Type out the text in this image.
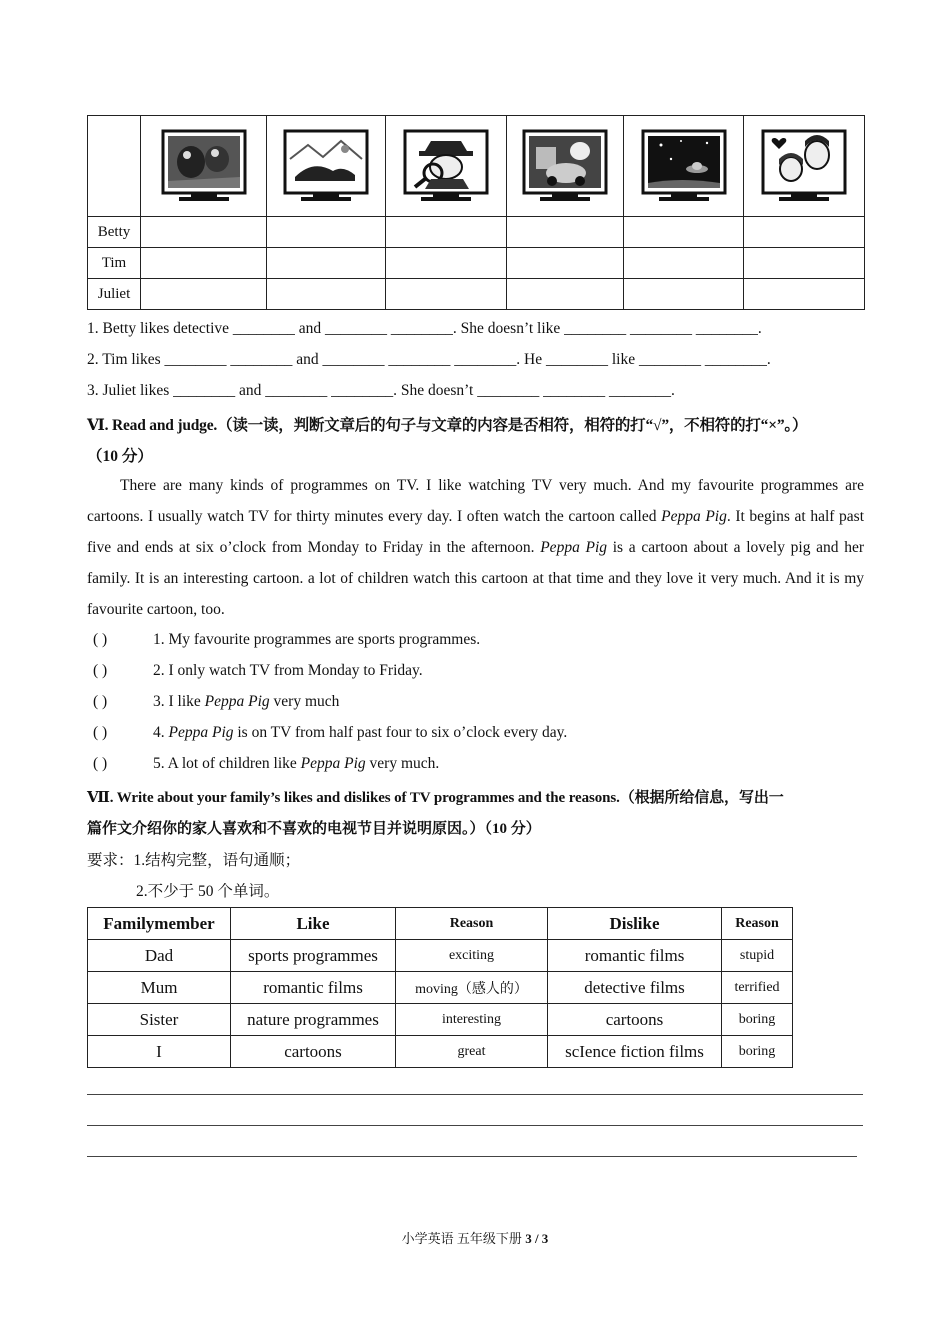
Betty						
Tim						
Juliet						
1. Betty likes detective ________ and ________ ________. She doesn’t like ________ ________ ________.
2. Tim likes ________ ________ and ________ ________ ________. He ________ like ________ ________.
3. Juliet likes ________ and ________ ________. She doesn’t ________ ________ ________.
Ⅵ. Read and judge.（读一读，判断文章后的句子与文章的内容是否相符，相符的打“√”，不相符的打“×”。）
（10 分）
There are many kinds of programmes on TV. I like watching TV very much. And my favourite programmes are cartoons. I usually watch TV for thirty minutes every day. I often watch the cartoon called Peppa Pig. It begins at half past five and ends at six o’clock from Monday to Friday in the afternoon. Peppa Pig is a cartoon about a lovely pig and her family. It is an interesting cartoon. a lot of children watch this cartoon at that time and they love it very much. And it is my favourite cartoon, too.
( )	1. My favourite programmes are sports programmes.
( )	2. I only watch TV from Monday to Friday.
( )	3. I like Peppa Pig very much
( )	4. Peppa Pig is on TV from half past four to six o’clock every day.
( )	5. A lot of children like Peppa Pig very much.
Ⅶ. Write about your family’s likes and dislikes of TV programmes and the reasons.（根据所给信息，写出一
篇作文介绍你的家人喜欢和不喜欢的电视节目并说明原因。）（10 分）
要求：1.结构完整，语句通顺；
2.不少于 50 个单词。
Familymember	Like	Reason	Dislike	Reason
Dad	sports programmes	exciting	romantic films	stupid
Mum	romantic films	moving（感人的）	detective films	terrified
Sister	nature programmes	interesting	cartoons	boring
I	cartoons	great	scIence fiction films	boring
小学英语 五年级下册 3 / 3
